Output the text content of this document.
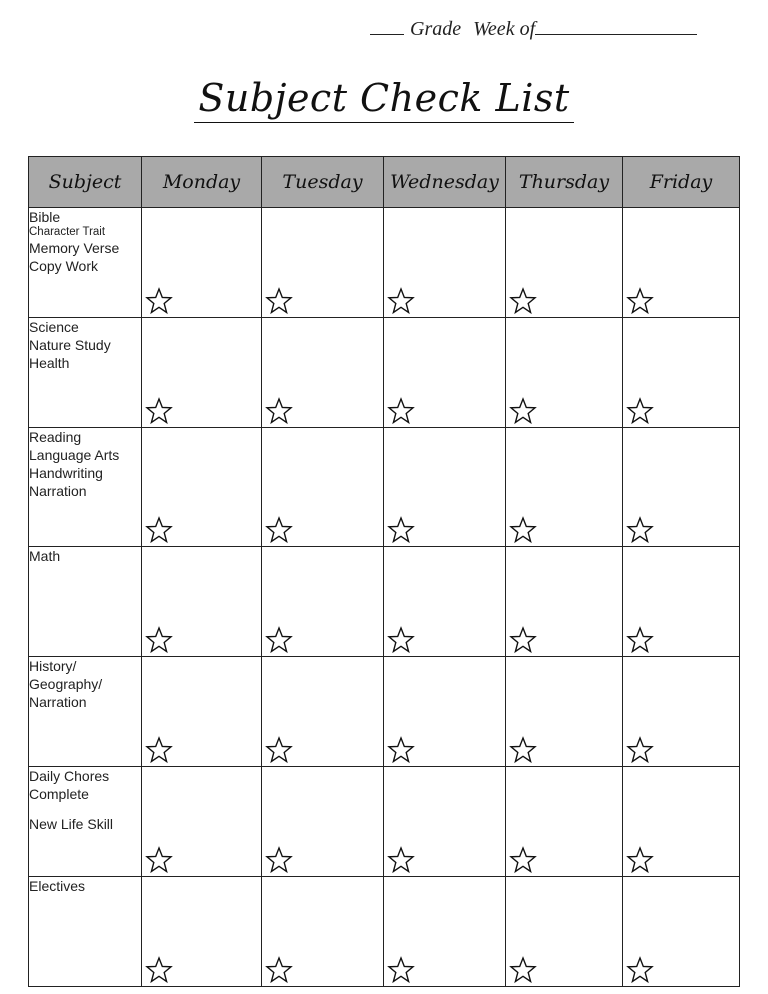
Grade Week of
Subject Check List
Subject	Monday	Tuesday	Wednesday	Thursday	Friday

Bible
Character Trait
Memory Verse
Copy Work

Science
Nature Study
Health

Reading
Language Arts
Handwriting
Narration

Math

History/
Geography/
Narration

Daily Chores
Complete
New Life Skill

Electives
